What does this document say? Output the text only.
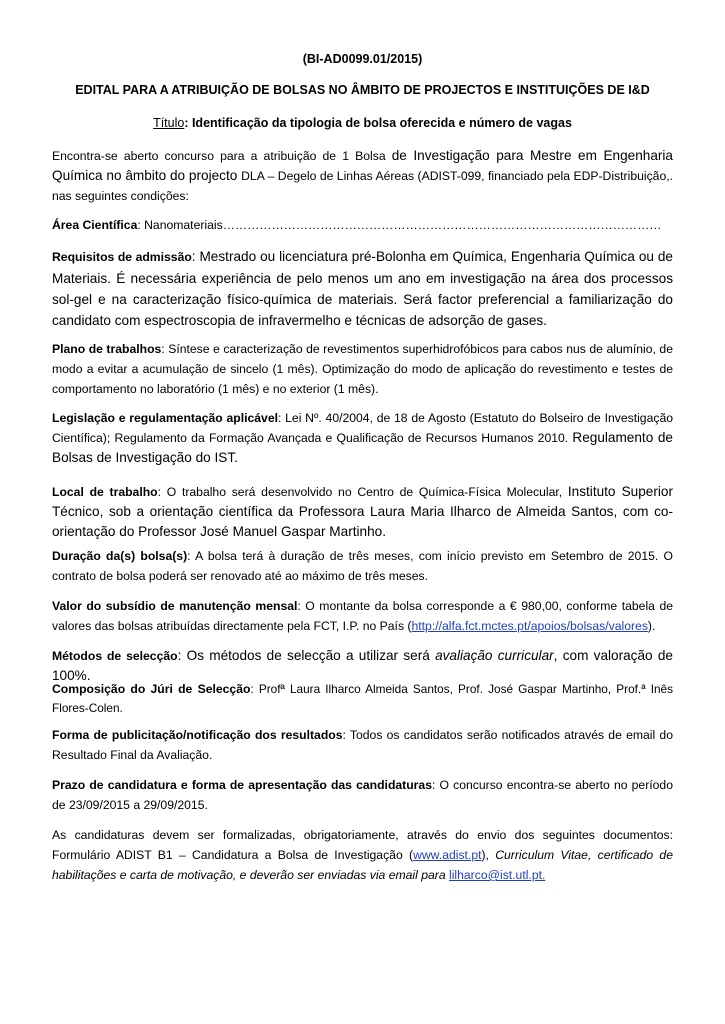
(BI-AD0099.01/2015)
EDITAL PARA A ATRIBUIÇÃO DE BOLSAS NO ÂMBITO DE PROJECTOS E INSTITUIÇÕES DE I&D
Título: Identificação da tipologia de bolsa oferecida e número de vagas
Encontra-se aberto concurso para a atribuição de 1 Bolsa de Investigação para Mestre em Engenharia Química no âmbito do projecto DLA – Degelo de Linhas Aéreas (ADIST-099, financiado pela EDP-Distribuição,. nas seguintes condições:
Área Científica: Nanomateriais………………………………………………………………………………………………
Requisitos de admissão: Mestrado ou licenciatura pré-Bolonha em Química, Engenharia Química ou de Materiais. É necessária experiência de pelo menos um ano em investigação na área dos processos sol-gel e na caracterização físico-química de materiais. Será factor preferencial a familiarização do candidato com espectroscopia de infravermelho e técnicas de adsorção de gases.
Plano de trabalhos: Síntese e caracterização de revestimentos superhidrofóbicos para cabos nus de alumínio, de modo a evitar a acumulação de sincelo (1 mês). Optimização do modo de aplicação do revestimento e testes de comportamento no laboratório (1 mês) e no exterior (1 mês).
Legislação e regulamentação aplicável: Lei Nº. 40/2004, de 18 de Agosto (Estatuto do Bolseiro de Investigação Científica); Regulamento da Formação Avançada e Qualificação de Recursos Humanos 2010. Regulamento de Bolsas de Investigação do IST.
Local de trabalho: O trabalho será desenvolvido no Centro de Química-Física Molecular, Instituto Superior Técnico, sob a orientação científica da Professora Laura Maria Ilharco de Almeida Santos, com co-orientação do Professor José Manuel Gaspar Martinho.
Duração da(s) bolsa(s): A bolsa terá à duração de três meses, com início previsto em Setembro de 2015. O contrato de bolsa poderá ser renovado até ao máximo de três meses.
Valor do subsídio de manutenção mensal: O montante da bolsa corresponde a € 980,00, conforme tabela de valores das bolsas atribuídas directamente pela FCT, I.P. no País (http://alfa.fct.mctes.pt/apoios/bolsas/valores).
Métodos de selecção: Os métodos de selecção a utilizar será avaliação curricular, com valoração de 100%.
Composição do Júri de Selecção: Profª Laura Ilharco Almeida Santos, Prof. José Gaspar Martinho, Prof.ª Inês Flores-Colen.
Forma de publicitação/notificação dos resultados: Todos os candidatos serão notificados através de email do Resultado Final da Avaliação.
Prazo de candidatura e forma de apresentação das candidaturas: O concurso encontra-se aberto no período de 23/09/2015 a 29/09/2015.
As candidaturas devem ser formalizadas, obrigatoriamente, através do envio dos seguintes documentos: Formulário ADIST B1 – Candidatura a Bolsa de Investigação (www.adist.pt), Curriculum Vitae, certificado de habilitações e carta de motivação, e deverão ser enviadas via email para lilharco@ist.utl.pt.
